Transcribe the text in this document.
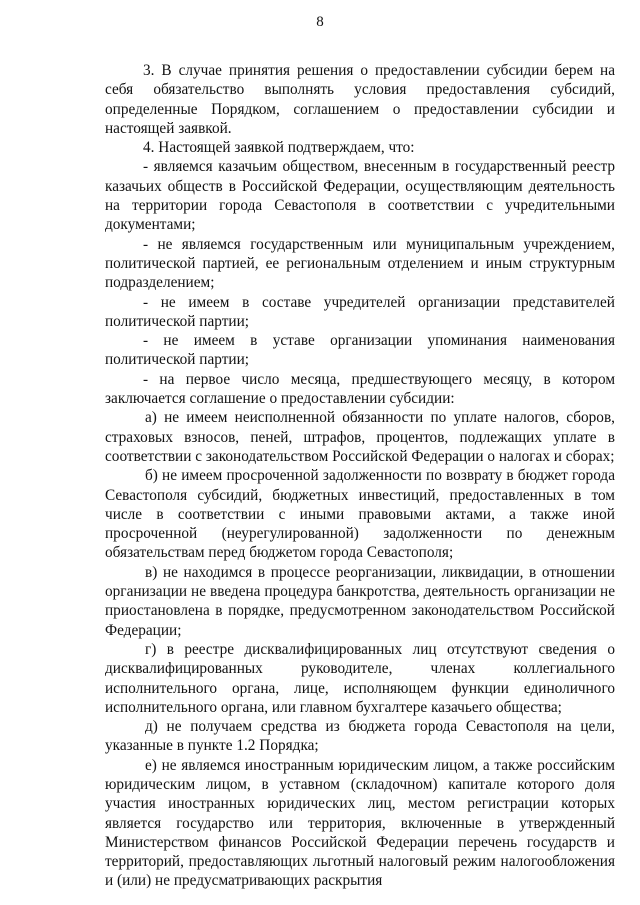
8

3. В случае принятия решения о предоставлении субсидии берем на себя обязательство выполнять условия предоставления субсидий, определенные Порядком, соглашением о предоставлении субсидии и настоящей заявкой.

4. Настоящей заявкой подтверждаем, что:

- являемся казачьим обществом, внесенным в государственный реестр казачьих обществ в Российской Федерации, осуществляющим деятельность на территории города Севастополя в соответствии с учредительными документами;

- не являемся государственным или муниципальным учреждением, политической партией, ее региональным отделением и иным структурным подразделением;

- не имеем в составе учредителей организации представителей политической партии;

- не имеем в уставе организации упоминания наименования политической партии;

- на первое число месяца, предшествующего месяцу, в котором заключается соглашение о предоставлении субсидии:

а) не имеем неисполненной обязанности по уплате налогов, сборов, страховых взносов, пеней, штрафов, процентов, подлежащих уплате в соответствии с законодательством Российской Федерации о налогах и сборах;

б) не имеем просроченной задолженности по возврату в бюджет города Севастополя субсидий, бюджетных инвестиций, предоставленных в том числе в соответствии с иными правовыми актами, а также иной просроченной (неурегулированной) задолженности по денежным обязательствам перед бюджетом города Севастополя;

в) не находимся в процессе реорганизации, ликвидации, в отношении организации не введена процедура банкротства, деятельность организации не приостановлена в порядке, предусмотренном законодательством Российской Федерации;

г) в реестре дисквалифицированных лиц отсутствуют сведения о дисквалифицированных руководителе, членах коллегиального исполнительного органа, лице, исполняющем функции единоличного исполнительного органа, или главном бухгалтере казачьего общества;

д) не получаем средства из бюджета города Севастополя на цели, указанные в пункте 1.2 Порядка;

е) не являемся иностранным юридическим лицом, а также российским юридическим лицом, в уставном (складочном) капитале которого доля участия иностранных юридических лиц, местом регистрации которых является государство или территория, включенные в утвержденный Министерством финансов Российской Федерации перечень государств и территорий, предоставляющих льготный налоговый режим налогообложения и (или) не предусматривающих раскрытия
